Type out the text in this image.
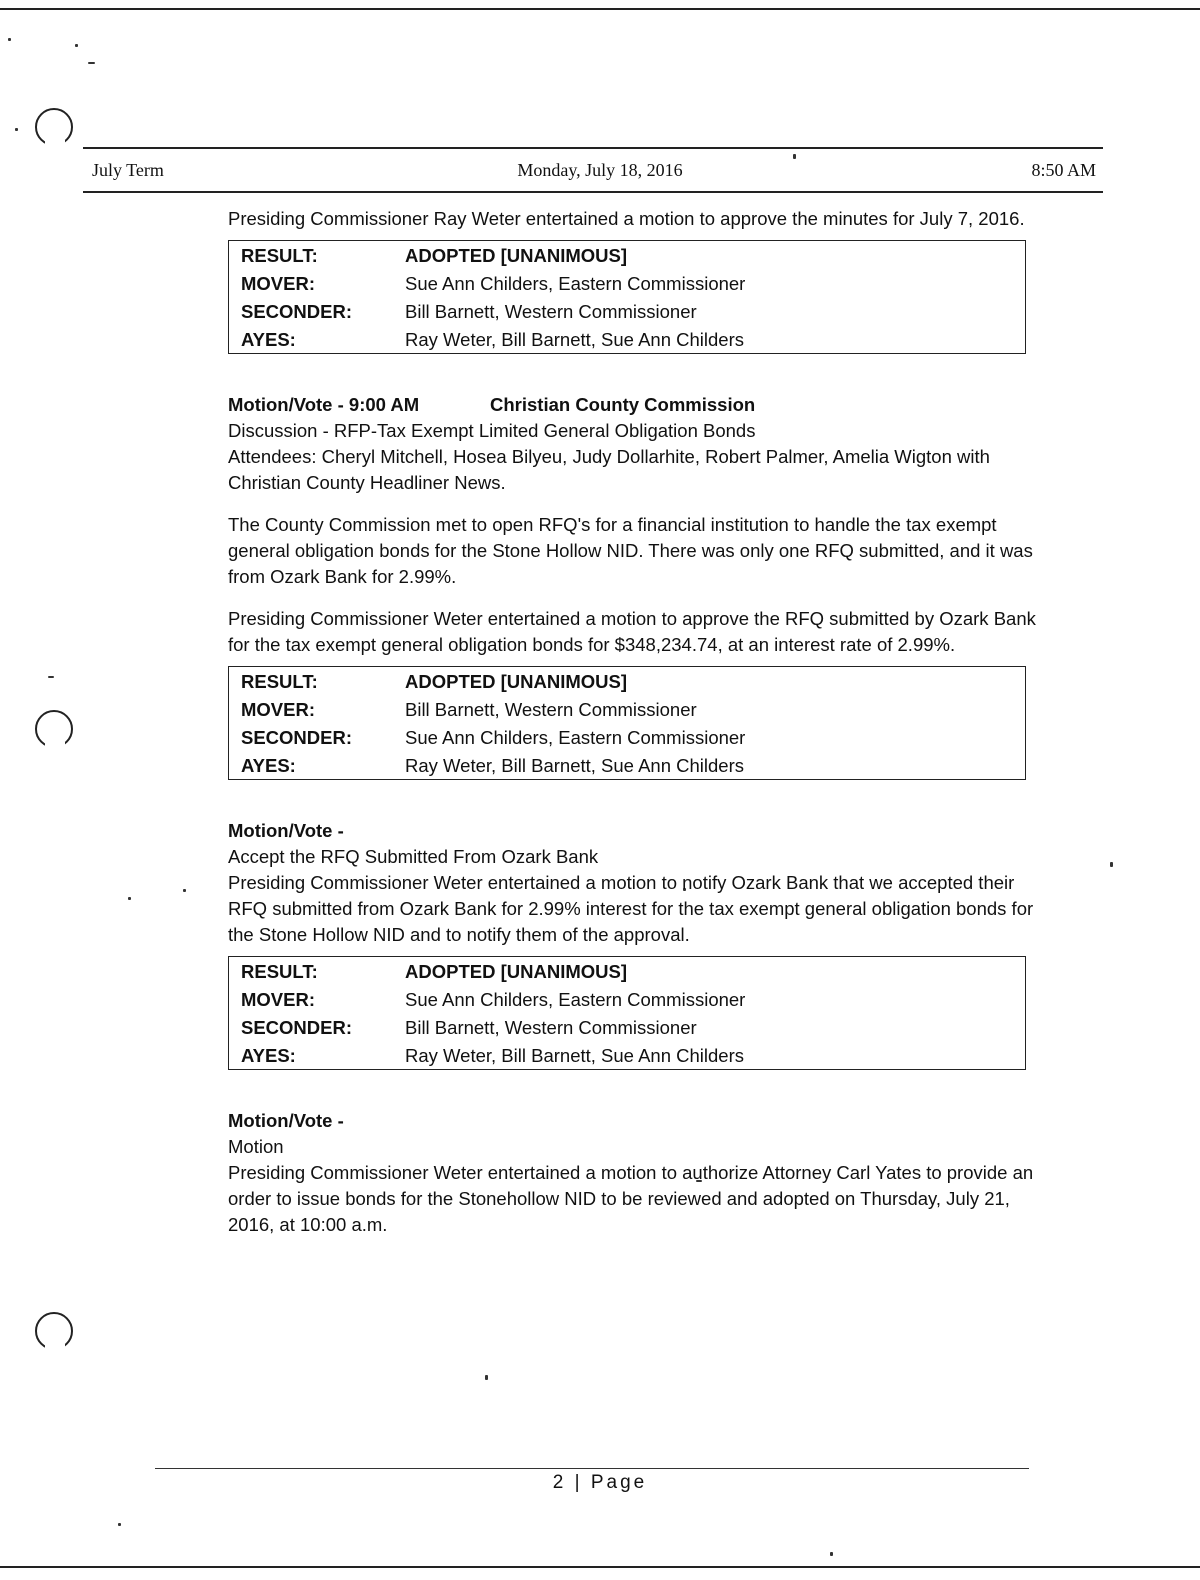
July Term	Monday, July 18, 2016	8:50 AM

Presiding Commissioner Ray Weter entertained a motion to approve the minutes for July 7, 2016.

RESULT:	ADOPTED [UNANIMOUS]
MOVER:	Sue Ann Childers, Eastern Commissioner
SECONDER:	Bill Barnett, Western Commissioner
AYES:	Ray Weter, Bill Barnett, Sue Ann Childers

Motion/Vote - 9:00 AM	Christian County Commission

Discussion - RFP-Tax Exempt Limited General Obligation Bonds

Attendees: Cheryl Mitchell, Hosea Bilyeu, Judy Dollarhite, Robert Palmer, Amelia Wigton with Christian County Headliner News.

The County Commission met to open RFQ's for a financial institution to handle the tax exempt general obligation bonds for the Stone Hollow NID. There was only one RFQ submitted, and it was from Ozark Bank for 2.99%.

Presiding Commissioner Weter entertained a motion to approve the RFQ submitted by Ozark Bank for the tax exempt general obligation bonds for $348,234.74, at an interest rate of 2.99%.

RESULT:	ADOPTED [UNANIMOUS]
MOVER:	Bill Barnett, Western Commissioner
SECONDER:	Sue Ann Childers, Eastern Commissioner
AYES:	Ray Weter, Bill Barnett, Sue Ann Childers

Motion/Vote -

Accept the RFQ Submitted From Ozark Bank

Presiding Commissioner Weter entertained a motion to notify Ozark Bank that we accepted their RFQ submitted from Ozark Bank for 2.99% interest for the tax exempt general obligation bonds for the Stone Hollow NID and to notify them of the approval.

RESULT:	ADOPTED [UNANIMOUS]
MOVER:	Sue Ann Childers, Eastern Commissioner
SECONDER:	Bill Barnett, Western Commissioner
AYES:	Ray Weter, Bill Barnett, Sue Ann Childers

Motion/Vote -

Motion

Presiding Commissioner Weter entertained a motion to authorize Attorney Carl Yates to provide an order to issue bonds for the Stonehollow NID to be reviewed and adopted on Thursday, July 21, 2016, at 10:00 a.m.

2 | Page
